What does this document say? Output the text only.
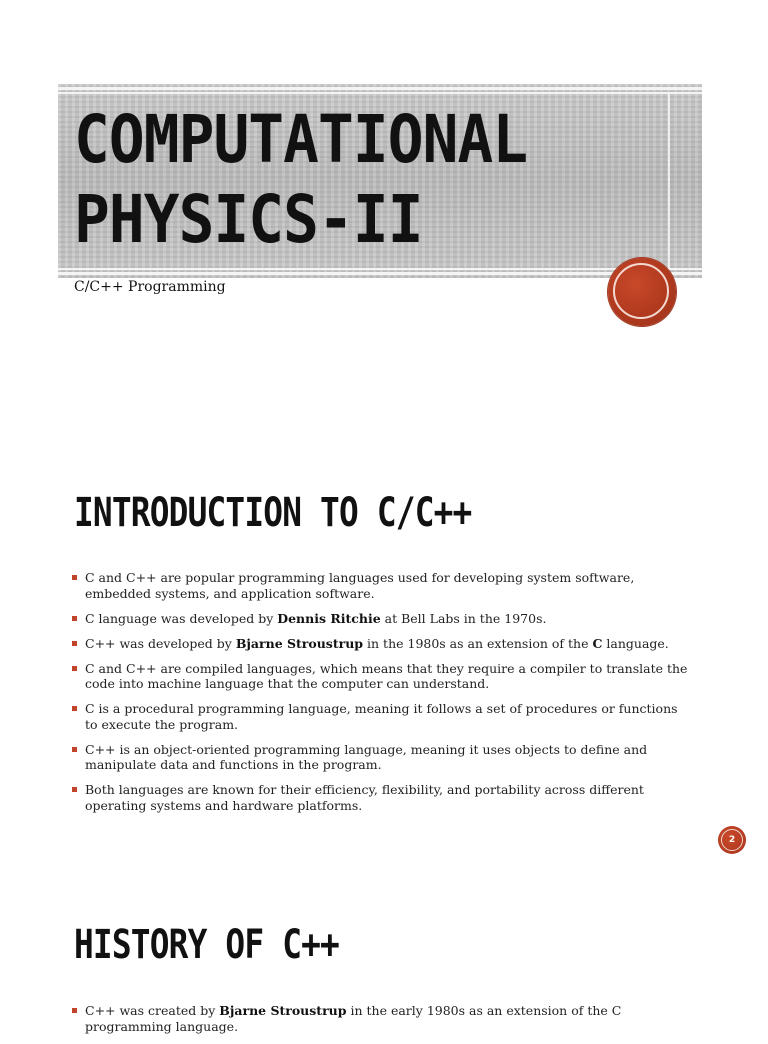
COMPUTATIONAL
PHYSICS-II

C/C++ Programming

INTRODUCTION TO C/C++
C and C++ are popular programming languages used for developing system software, embedded systems, and application software.
C language was developed by Dennis Ritchie at Bell Labs in the 1970s.
C++ was developed by Bjarne Stroustrup in the 1980s as an extension of the C language.
C and C++ are compiled languages, which means that they require a compiler to translate the code into machine language that the computer can understand.
C is a procedural programming language, meaning it follows a set of procedures or functions to execute the program.
C++ is an object-oriented programming language, meaning it uses objects to define and manipulate data and functions in the program.
Both languages are known for their efficiency, flexibility, and portability across different operating systems and hardware platforms.
2
HISTORY OF C++
C++ was created by Bjarne Stroustrup in the early 1980s as an extension of the C programming language.
